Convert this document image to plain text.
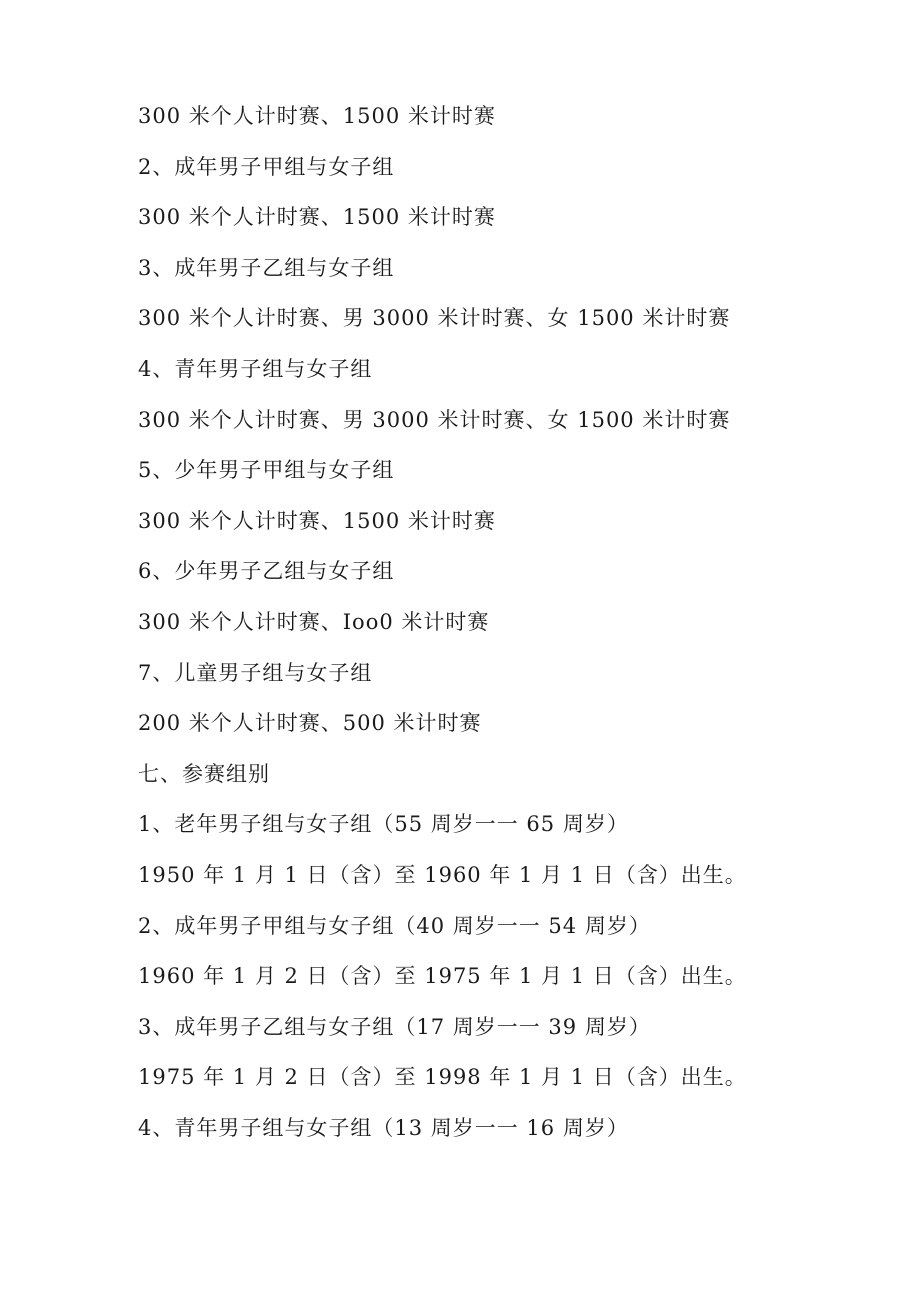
300 米个人计时赛、1500 米计时赛
2、成年男子甲组与女子组
300 米个人计时赛、1500 米计时赛
3、成年男子乙组与女子组
300 米个人计时赛、男 3000 米计时赛、女 1500 米计时赛
4、青年男子组与女子组
300 米个人计时赛、男 3000 米计时赛、女 1500 米计时赛
5、少年男子甲组与女子组
300 米个人计时赛、1500 米计时赛
6、少年男子乙组与女子组
300 米个人计时赛、Ioo0 米计时赛
7、儿童男子组与女子组
200 米个人计时赛、500 米计时赛
七、参赛组别
1、老年男子组与女子组（55 周岁一一 65 周岁）
1950 年 1 月 1 日（含）至 1960 年 1 月 1 日（含）出生。
2、成年男子甲组与女子组（40 周岁一一 54 周岁）
1960 年 1 月 2 日（含）至 1975 年 1 月 1 日（含）出生。
3、成年男子乙组与女子组（17 周岁一一 39 周岁）
1975 年 1 月 2 日（含）至 1998 年 1 月 1 日（含）出生。
4、青年男子组与女子组（13 周岁一一 16 周岁）
